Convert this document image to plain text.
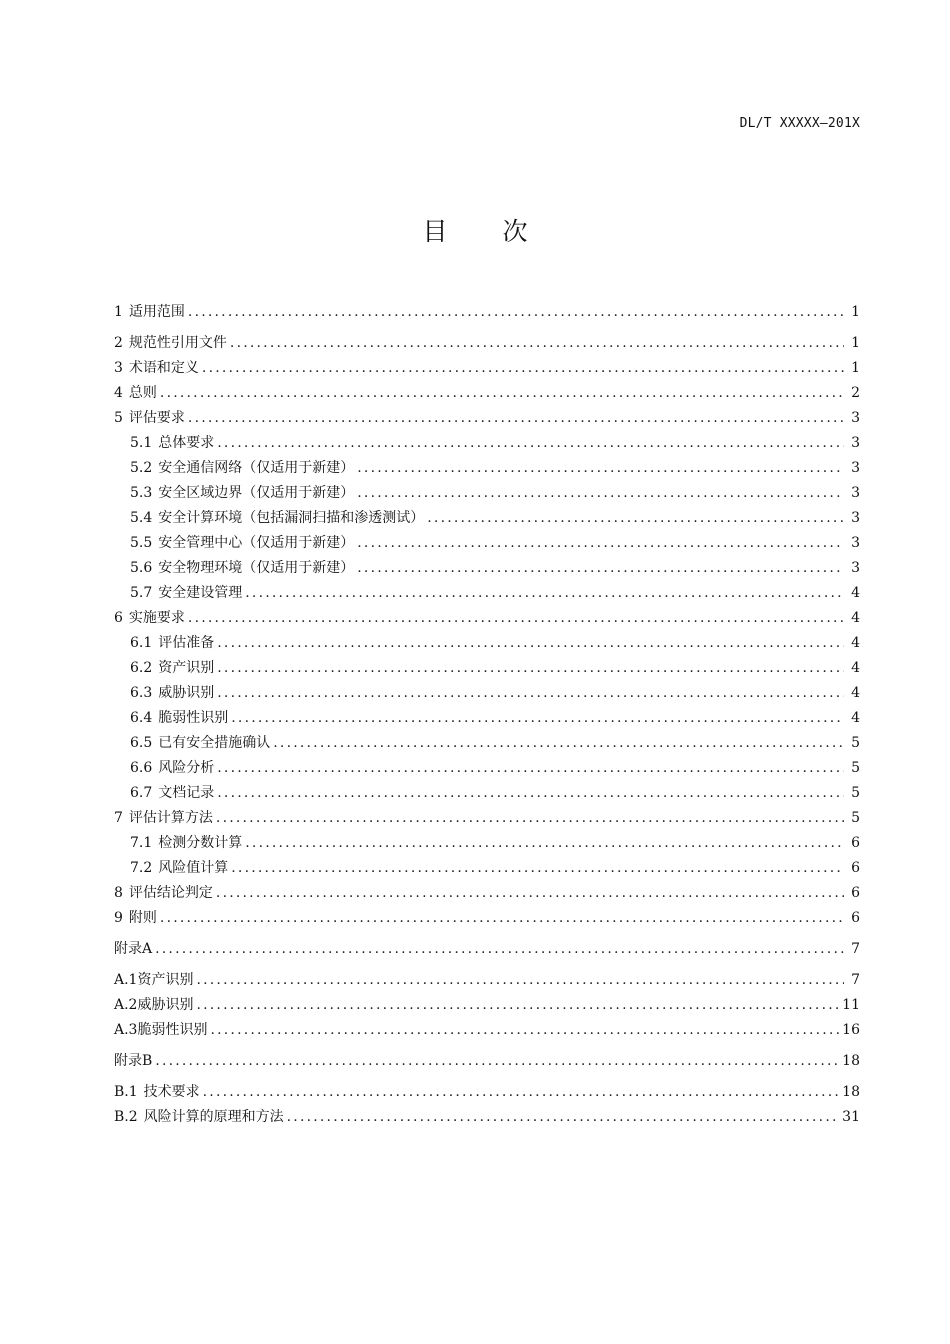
DL/T XXXXX—201X
目次
1 适用范围 .....	1
2 规范性引用文件 .....	1
3 术语和定义 .....	1
4 总则 .....	2
5 评估要求 .....	3
5.1 总体要求 .....	3
5.2 安全通信网络（仅适用于新建） .....	3
5.3 安全区域边界（仅适用于新建） .....	3
5.4 安全计算环境（包括漏洞扫描和渗透测试） .....	3
5.5 安全管理中心（仅适用于新建） .....	3
5.6 安全物理环境（仅适用于新建） .....	3
5.7 安全建设管理 .....	4
6 实施要求 .....	4
6.1 评估准备 .....	4
6.2 资产识别 .....	4
6.3 威胁识别 .....	4
6.4 脆弱性识别 .....	4
6.5 已有安全措施确认 .....	5
6.6 风险分析 .....	5
6.7 文档记录 .....	5
7 评估计算方法 .....	5
7.1 检测分数计算 .....	6
7.2 风险值计算 .....	6
8 评估结论判定 .....	6
9 附则 .....	6
附录A .....	7
A.1 资产识别 .....	7
A.2 威胁识别 .....	11
A.3 脆弱性识别 .....	16
附录B .....	18
B.1 技术要求 .....	18
B.2 风险计算的原理和方法 .....	31
